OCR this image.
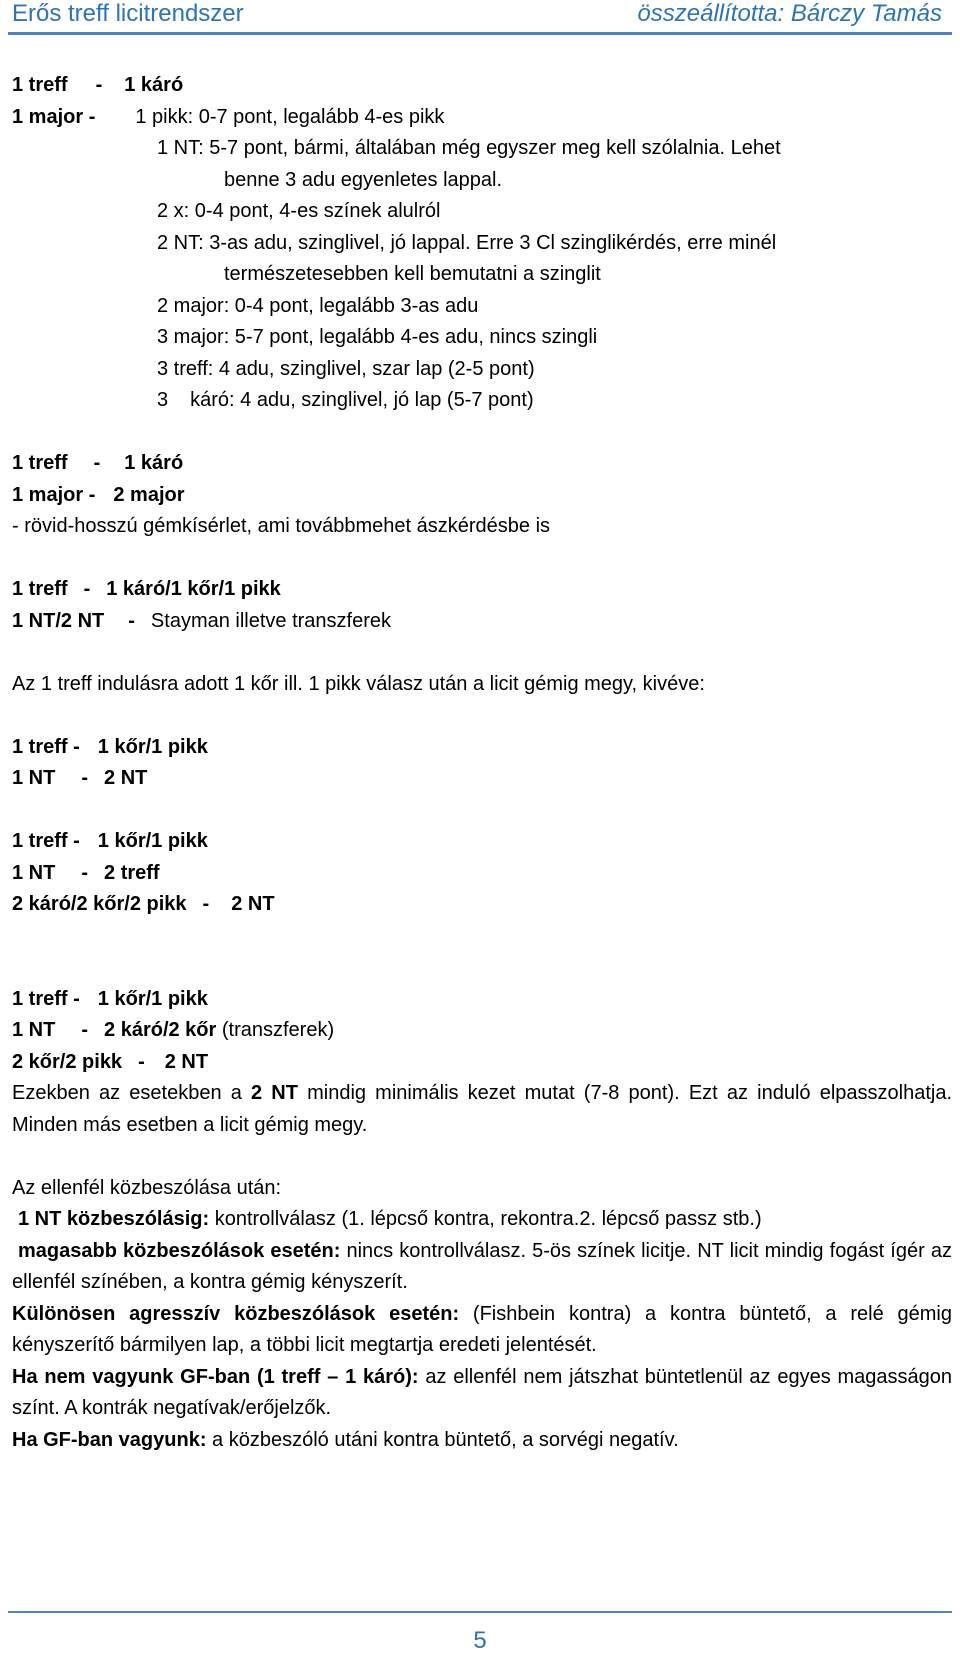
Erős treff licitrendszer	összeállította: Bárczy Tamás
1 treff - 1 káró
1 major - 1 pikk: 0-7 pont, legalább 4-es pikk
1 NT: 5-7 pont, bármi, általában még egyszer meg kell szólalnia. Lehet
benne 3 adu egyenletes lappal.
2 x: 0-4 pont, 4-es színek alulról
2 NT: 3-as adu, szinglivel, jó lappal. Erre 3 Cl szinglikérdés, erre minél
természetesebben kell bemutatni a szinglit
2 major: 0-4 pont, legalább 3-as adu
3 major: 5-7 pont, legalább 4-es adu, nincs szingli
3 treff: 4 adu, szinglivel, szar lap (2-5 pont)
3 káró: 4 adu, szinglivel, jó lap (5-7 pont)
1 treff - 1 káró
1 major - 2 major
- rövid-hosszú gémkísérlet, ami továbbmehet ászkérdésbe is
1 treff - 1 káró/1 kőr/1 pikk
1 NT/2 NT - Stayman illetve transzferek
Az 1 treff indulásra adott 1 kőr ill. 1 pikk válasz után a licit gémig megy, kivéve:
1 treff - 1 kőr/1 pikk
1 NT - 2 NT
1 treff - 1 kőr/1 pikk
1 NT - 2 treff
2 káró/2 kőr/2 pikk - 2 NT
1 treff - 1 kőr/1 pikk
1 NT - 2 káró/2 kőr (transzferek)
2 kőr/2 pikk - 2 NT
Ezekben az esetekben a 2 NT mindig minimális kezet mutat (7-8 pont). Ezt az induló elpasszolhatja. Minden más esetben a licit gémig megy.
Az ellenfél közbeszólása után:
1 NT közbeszólásig: kontrollválasz (1. lépcső kontra, rekontra.2. lépcső passz stb.)
magasabb közbeszólások esetén: nincs kontrollválasz. 5-ös színek licitje. NT licit mindig fogást ígér az ellenfél színében, a kontra gémig kényszerít.
Különösen agresszív közbeszólások esetén: (Fishbein kontra) a kontra büntető, a relé gémig kényszerítő bármilyen lap, a többi licit megtartja eredeti jelentését.
Ha nem vagyunk GF-ban (1 treff – 1 káró): az ellenfél nem játszhat büntetlenül az egyes magasságon színt. A kontrák negatívak/erőjelzők.
Ha GF-ban vagyunk: a közbeszóló utáni kontra büntető, a sorvégi negatív.
5
